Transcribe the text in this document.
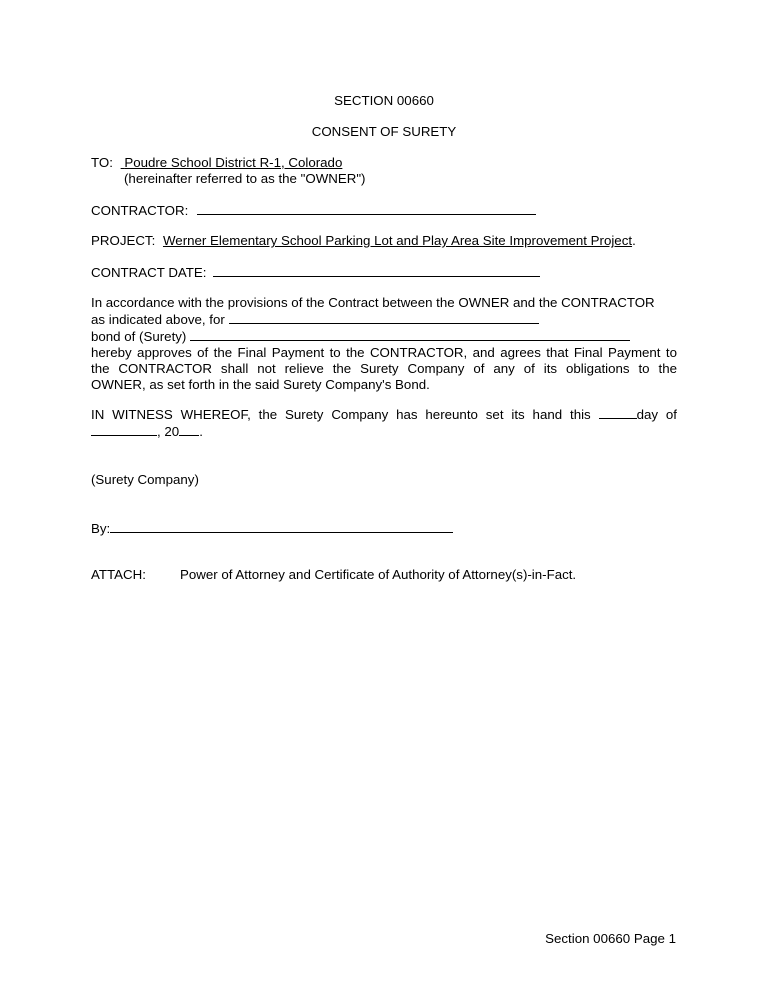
SECTION 00660
CONSENT OF SURETY
TO: Poudre School District R-1, Colorado
(hereinafter referred to as the "OWNER")
CONTRACTOR:
PROJECT: Werner Elementary School Parking Lot and Play Area Site Improvement Project.
CONTRACT DATE:
In accordance with the provisions of the Contract between the OWNER and the CONTRACTOR
as indicated above, for
bond of (Surety)
hereby approves of the Final Payment to the CONTRACTOR, and agrees that Final Payment to
the CONTRACTOR shall not relieve the Surety Company of any of its obligations to the
OWNER, as set forth in the said Surety Company's Bond.
IN WITNESS WHEREOF, the Surety Company has hereunto set its hand this	day of
, 20 .
(Surety Company)
By:
ATTACH:	Power of Attorney and Certificate of Authority of Attorney(s)-in-Fact.
Section 00660 Page 1
